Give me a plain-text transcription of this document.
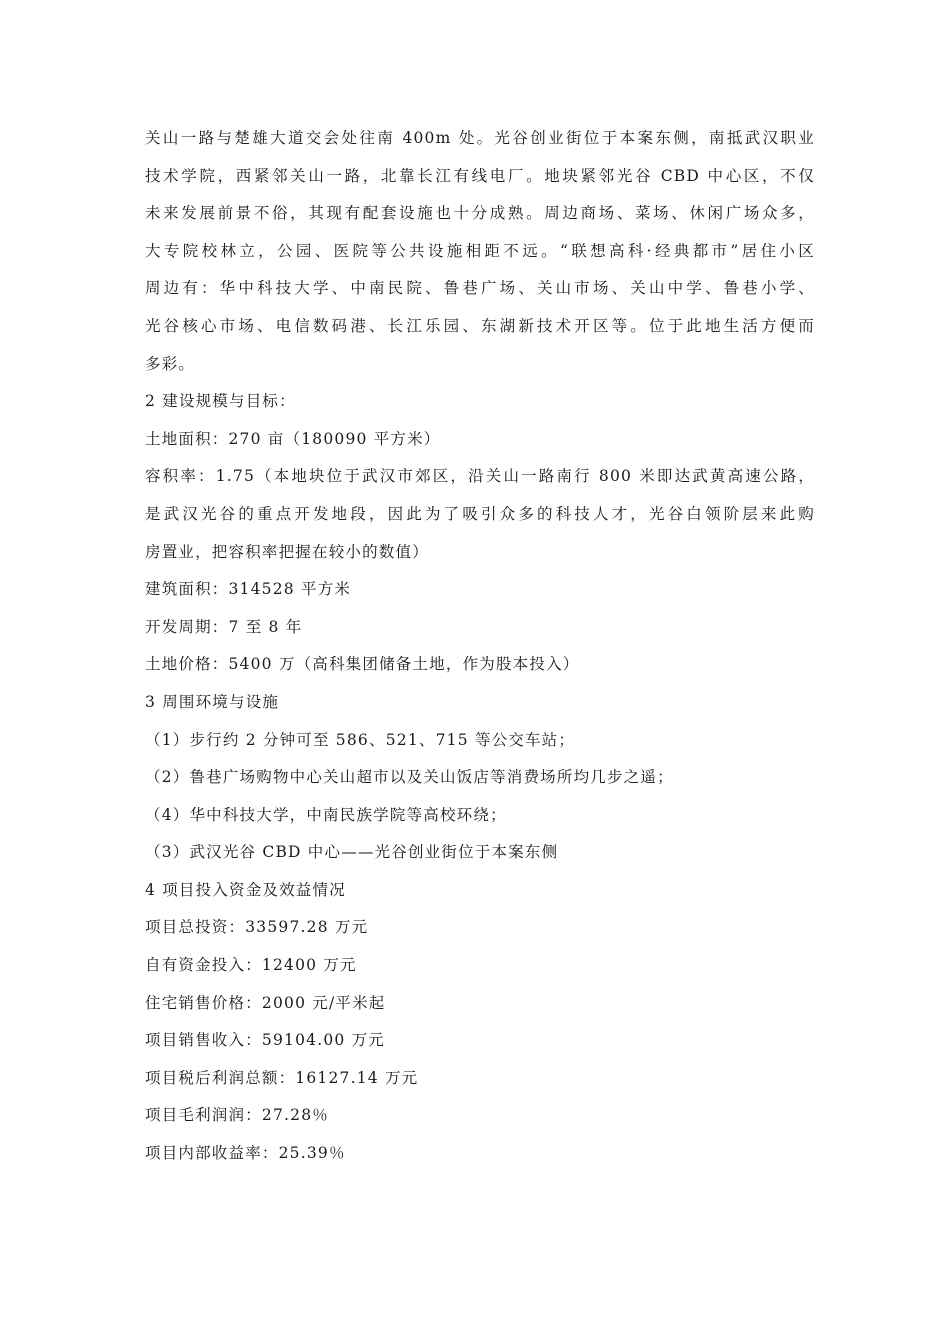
关山一路与楚雄大道交会处往南 400m 处。光谷创业街位于本案东侧，南抵武汉职业
技术学院，西紧邻关山一路，北靠长江有线电厂。地块紧邻光谷 CBD 中心区，不仅
未来发展前景不俗，其现有配套设施也十分成熟。周边商场、菜场、休闲广场众多，
大专院校林立，公园、医院等公共设施相距不远。“联想高科·经典都市”居住小区
周边有：华中科技大学、中南民院、鲁巷广场、关山市场、关山中学、鲁巷小学、
光谷核心市场、电信数码港、长江乐园、东湖新技术开区等。位于此地生活方便而
多彩。
2 建设规模与目标：
土地面积：270 亩（180090 平方米）
容积率：1.75（本地块位于武汉市郊区，沿关山一路南行 800 米即达武黄高速公路，
是武汉光谷的重点开发地段，因此为了吸引众多的科技人才，光谷白领阶层来此购
房置业，把容积率把握在较小的数值）
建筑面积：314528 平方米
开发周期：7 至 8 年
土地价格：5400 万（高科集团储备土地，作为股本投入）
3 周围环境与设施
（1）步行约 2 分钟可至 586、521、715 等公交车站；
（2）鲁巷广场购物中心关山超市以及关山饭店等消费场所均几步之遥；
（4）华中科技大学，中南民族学院等高校环绕；
（3）武汉光谷 CBD 中心——光谷创业街位于本案东侧
4 项目投入资金及效益情况
项目总投资：33597.28 万元
自有资金投入：12400 万元
住宅销售价格：2000 元/平米起
项目销售收入：59104.00 万元
项目税后利润总额：16127.14 万元
项目毛利润润：27.28％
项目内部收益率：25.39％
